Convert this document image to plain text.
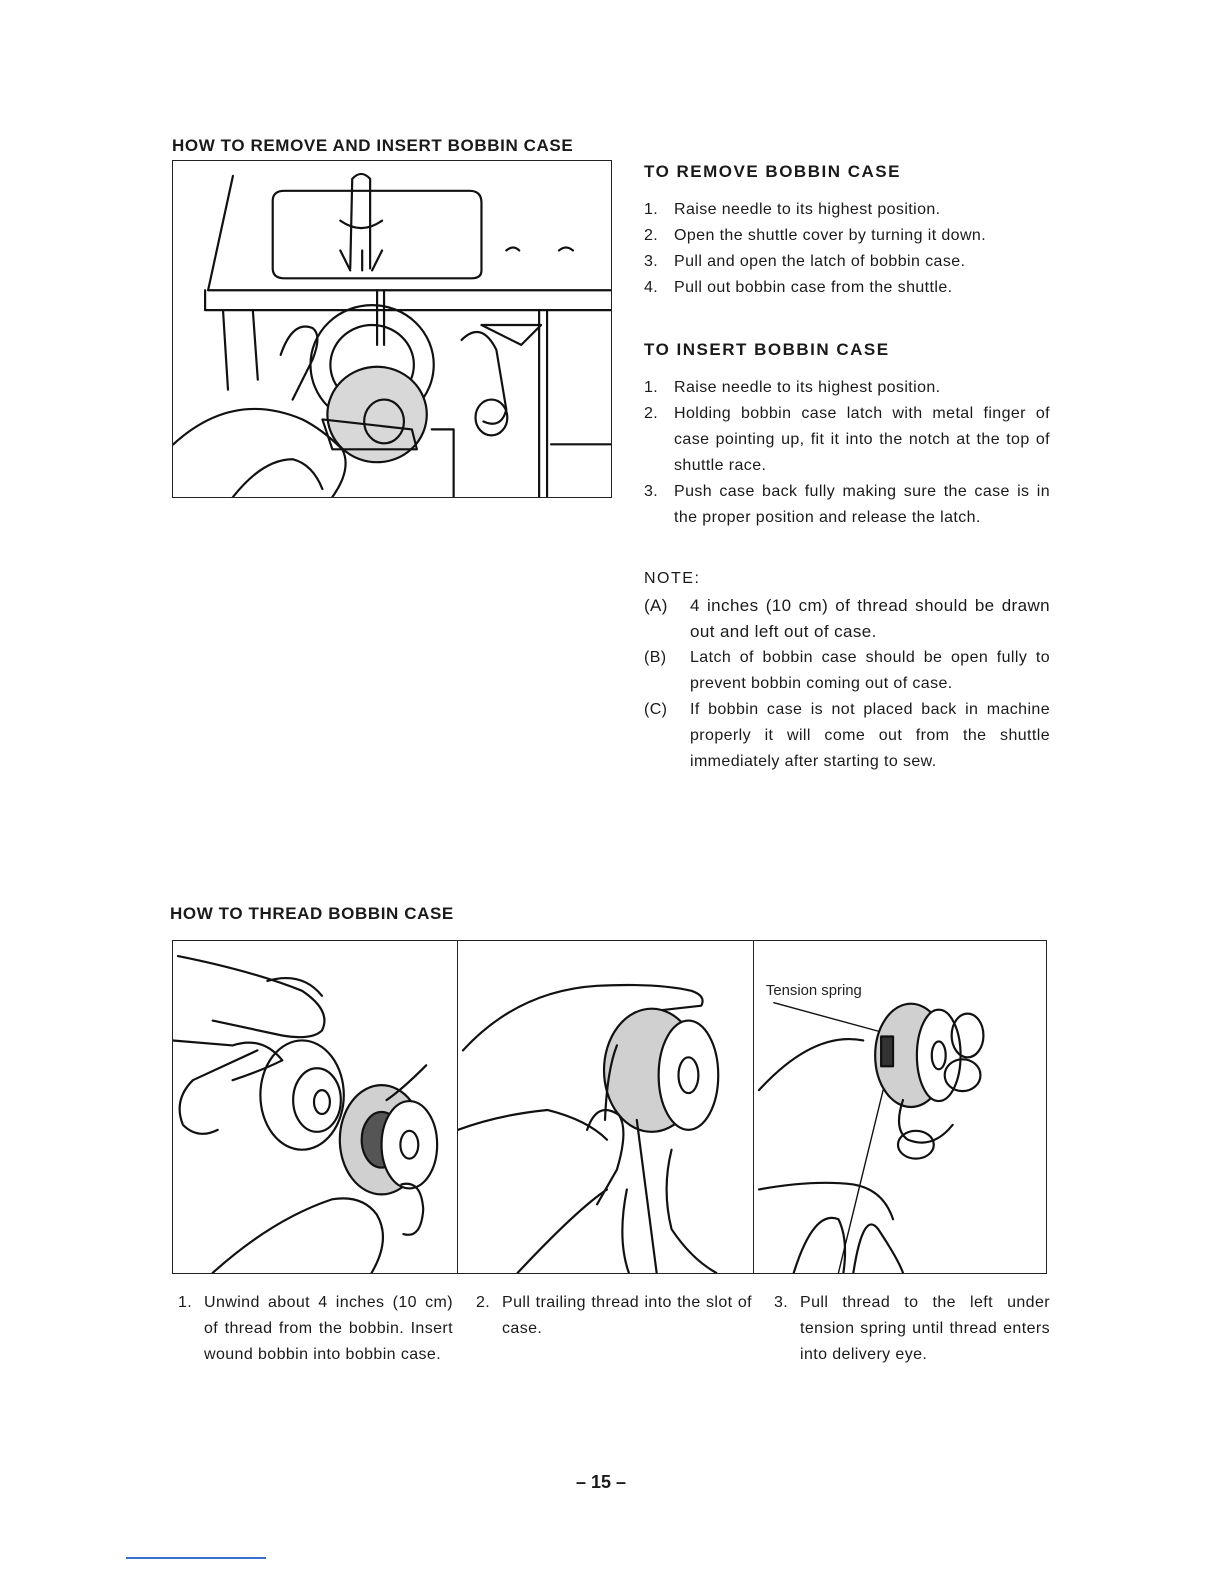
HOW TO REMOVE AND INSERT BOBBIN CASE
TO REMOVE BOBBIN CASE
1. Raise needle to its highest position.
2. Open the shuttle cover by turning it down.
3. Pull and open the latch of bobbin case.
4. Pull out bobbin case from the shuttle.
TO INSERT BOBBIN CASE
1. Raise needle to its highest position.
2. Holding bobbin case latch with metal finger of case pointing up, fit it into the notch at the top of shuttle race.
3. Push case back fully making sure the case is in the proper position and release the latch.

NOTE:

(A) 4 inches (10 cm) of thread should be drawn out and left out of case.
(B) Latch of bobbin case should be open fully to prevent bobbin coming out of case.
(C) If bobbin case is not placed back in machine properly it will come out from the shuttle immediately after starting to sew.
HOW TO THREAD BOBBIN CASE
Tension spring

1. Unwind about 4 inches (10 cm) of thread from the bobbin. Insert wound bobbin into bobbin case.

2. Pull trailing thread into the slot of case.

3. Pull thread to the left under tension spring until thread enters into delivery eye.

– 15 –
